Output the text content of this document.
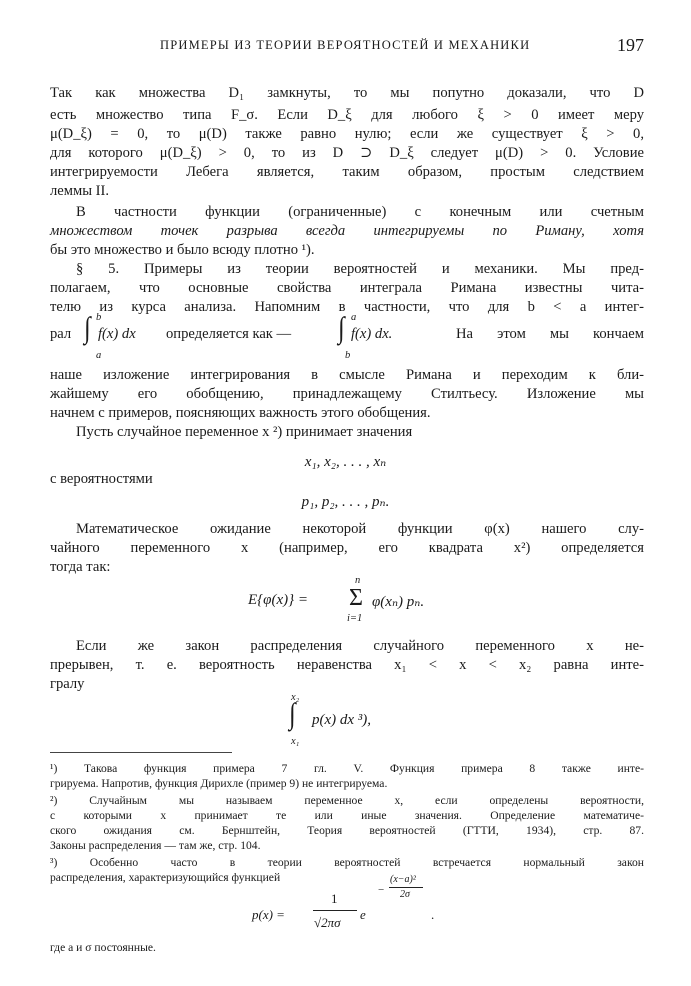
ПРИМЕРЫ ИЗ ТЕОРИИ ВЕРОЯТНОСТЕЙ И МЕХАНИКИ	197
Так как множества D₁ замкнуты, то мы попутно доказали, что D
есть множество типа F_σ. Если D_ξ для любого ξ > 0 имеет меру
μ(D_ξ) = 0, то μ(D) также равно нулю; если же существует ξ > 0,
для которого μ(D_ξ) > 0, то из D ⊃ D_ξ следует μ(D) > 0. Условие
интегрируемости Лебега является, таким образом, простым следствием
леммы II.
В частности функции (ограниченные) с конечным или счетным
множеством точек разрыва всегда интегрируемы по Риману, хотя
бы это множество и было всюду плотно ¹).
§ 5. Примеры из теории вероятностей и механики. Мы пред-
полагаем, что основные свойства интеграла Римана известны чита-
телю из курса анализа. Напомним в частности, что для b < a интег-
b
a
a
b
рал ∫ f(x) dx определяется как — ∫ f(x) dx.	На этом мы кончаем
наше изложение интегрирования в смысле Римана и переходим к бли-
жайшему его обобщению, принадлежащему Стилтьесу. Изложение мы
начнем с примеров, поясняющих важность этого обобщения.
Пусть случайное переменное x ²) принимает значения
x₁, x₂, . . . , xₙ
с вероятностями
p₁, p₂, . . . , pₙ.
Математическое ожидание некоторой функции φ(x) нашего слу-
чайного переменного x (например, его квадрата x²) определяется
тогда так:
E{φ(x)} =
n
Σ
i=1
φ(xₙ) pₙ.
Если же закон распределения случайного переменного x не-
прерывен, т. е. вероятность неравенства x₁ < x < x₂ равна инте-
гралу
x₂
∫
x₁
p(x) dx ³),
¹) Такова функция примера 7 гл. V. Функция примера 8 также инте-
грируема. Напротив, функция Дирихле (пример 9) не интегрируема.
²) Случайным мы называем переменное x, если определены вероятности,
с которыми x принимает те или иные значения. Определение математиче-
ского ожидания см. Бернштейн, Теория вероятностей (ГТТИ, 1934), стр. 87.
Законы распределения — там же, стр. 104.
³) Особенно часто в теории вероятностей встречается нормальный закон
распределения, характеризующийся функцией
p(x) =
1
√2πσ
e
−
(x−a)²
2σ
.
где a и σ постоянные.
